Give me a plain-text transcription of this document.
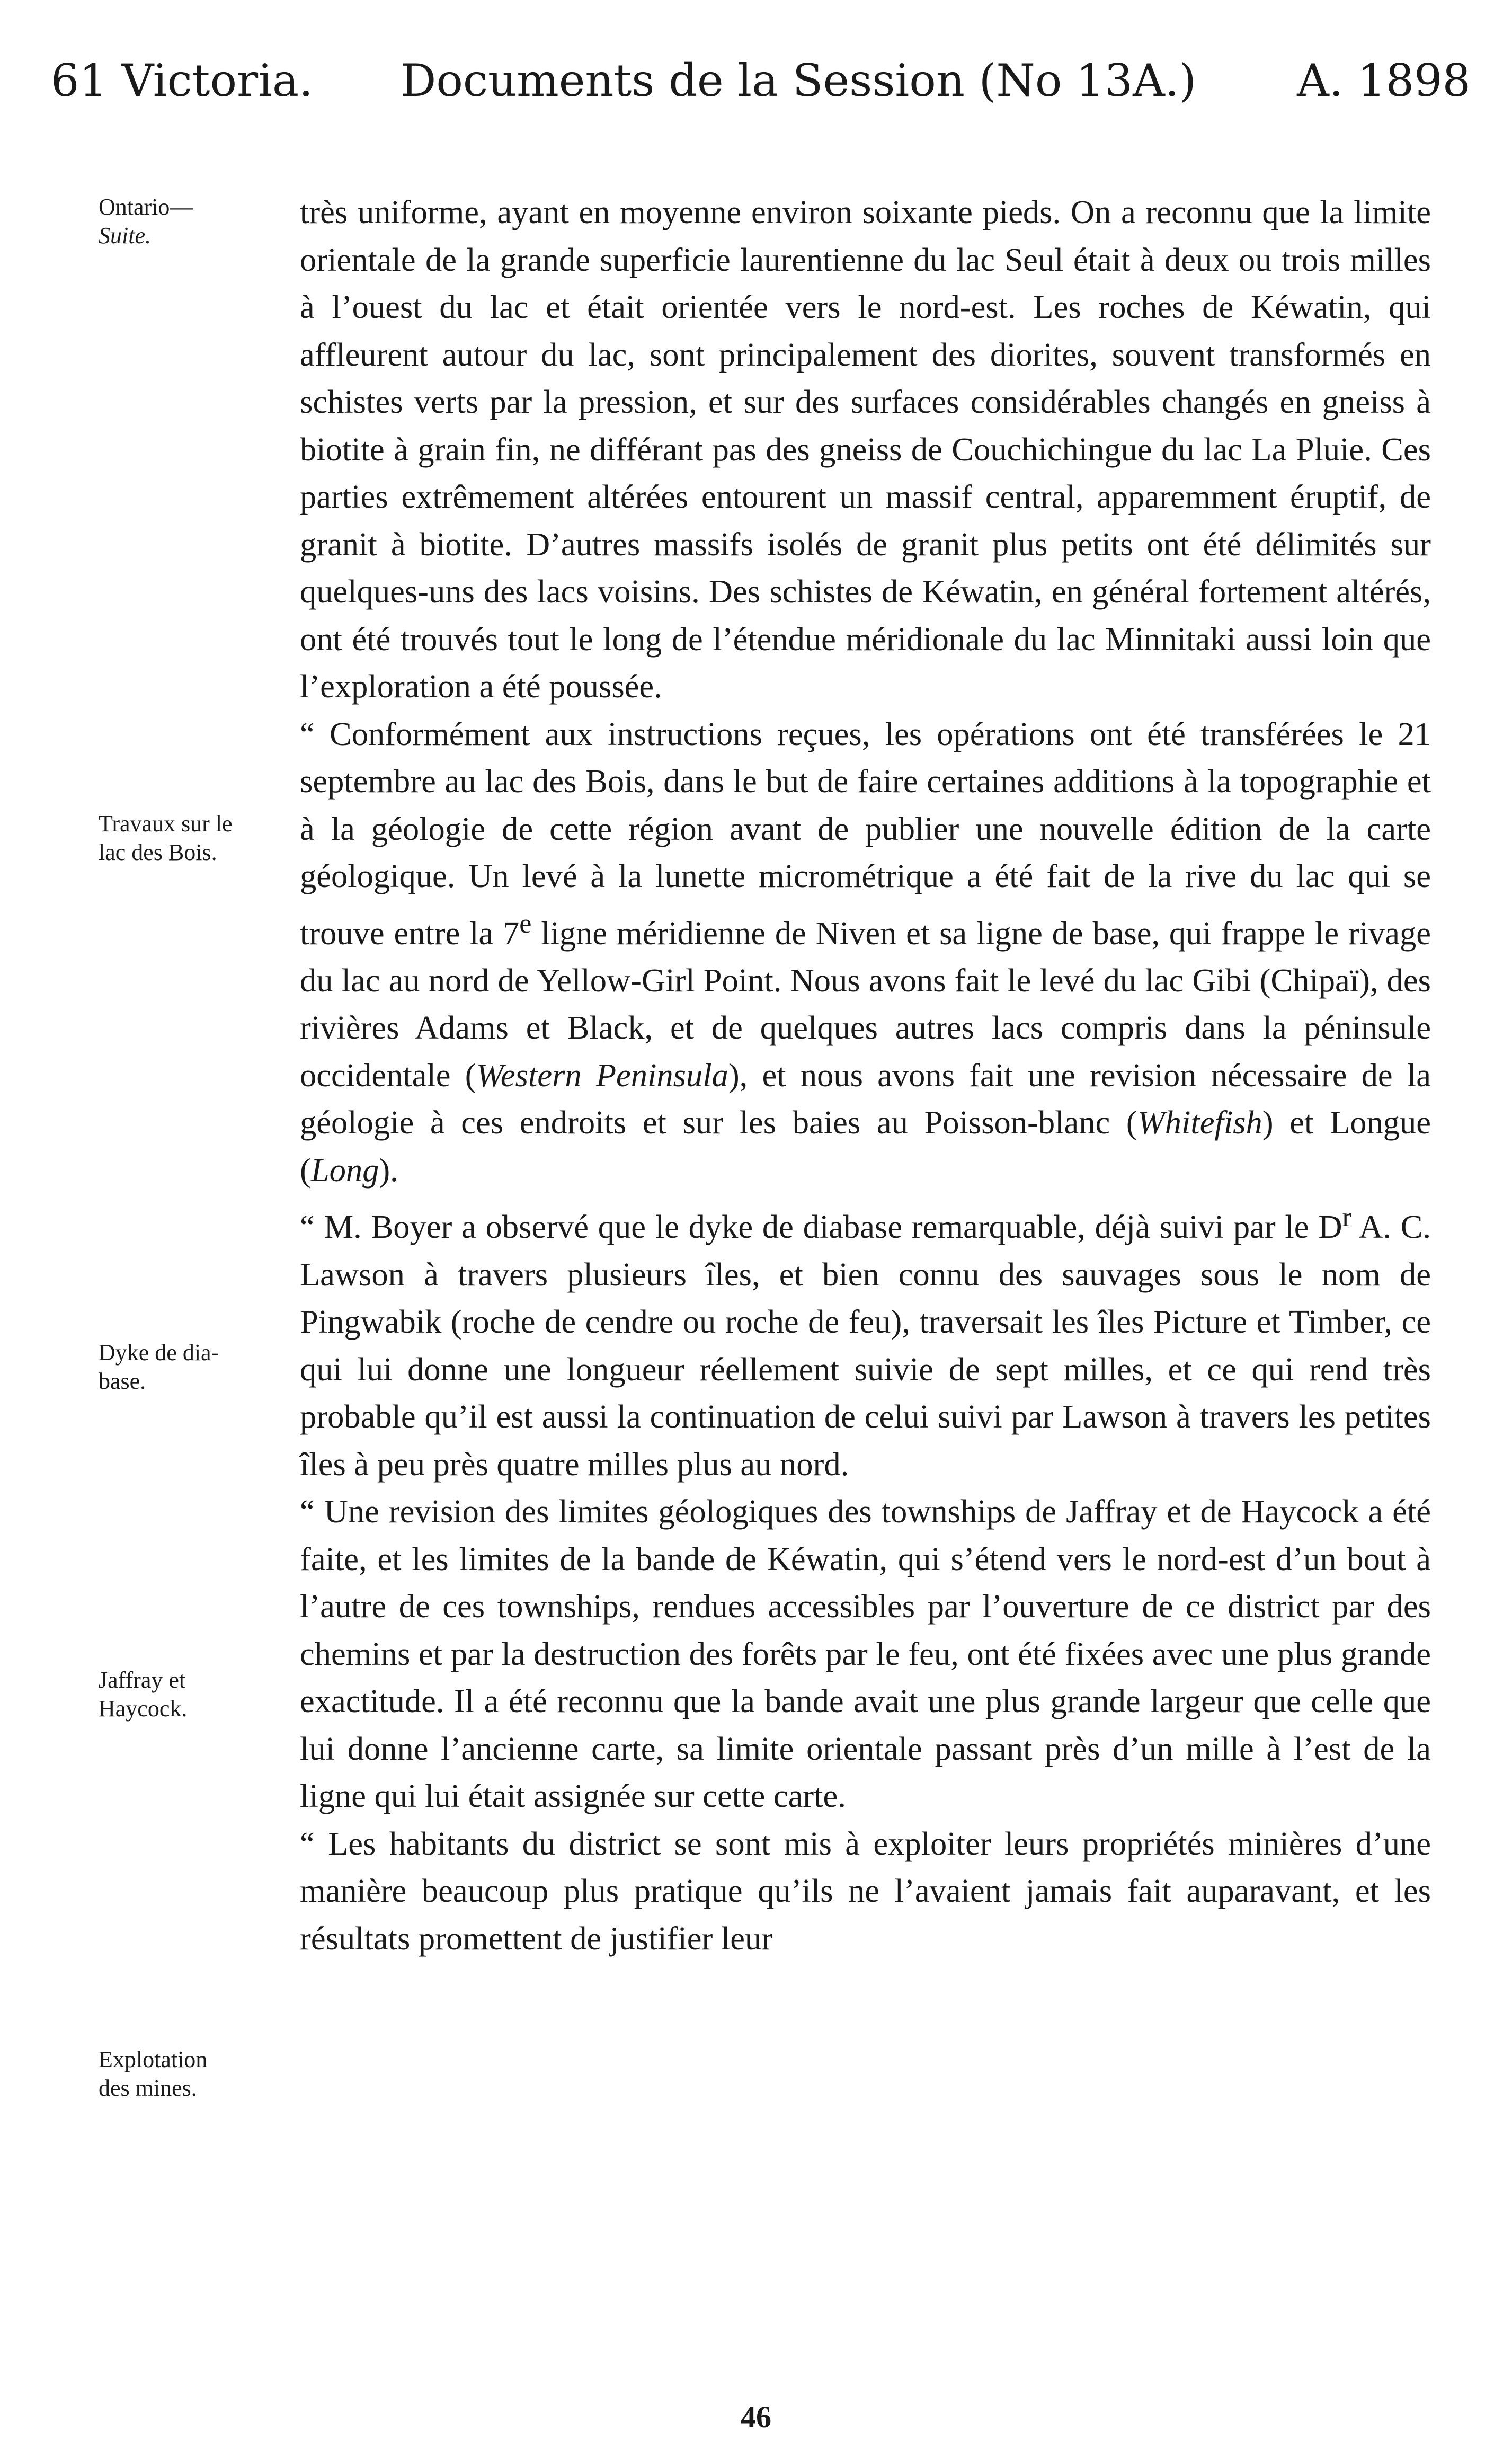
61 Victoria. Documents de la Session (No 13A.) A. 1898
Ontario—
Suite.
Travaux sur le
lac des Bois.
Dyke de dia-
base.
Jaffray et
Haycock.
Explotation
des mines.

très uniforme, ayant en moyenne environ soixante pieds. On a reconnu que la limite orientale de la grande superficie laurentienne du lac Seul était à deux ou trois milles à l’ouest du lac et était orientée vers le nord-est. Les roches de Kéwatin, qui affleurent autour du lac, sont principalement des diorites, souvent transformés en schistes verts par la pression, et sur des surfaces considérables changés en gneiss à biotite à grain fin, ne différant pas des gneiss de Couchichingue du lac La Pluie. Ces parties extrêmement altérées entourent un massif central, apparemment éruptif, de granit à biotite. D’autres massifs isolés de granit plus petits ont été délimités sur quelques-uns des lacs voisins. Des schistes de Kéwatin, en général fortement altérés, ont été trouvés tout le long de l’étendue méridionale du lac Minnitaki aussi loin que l’exploration a été poussée.

“ Conformément aux instructions reçues, les opérations ont été transférées le 21 septembre au lac des Bois, dans le but de faire certaines additions à la topographie et à la géologie de cette région avant de publier une nouvelle édition de la carte géologique. Un levé à la lunette micrométrique a été fait de la rive du lac qui se trouve entre la 7e ligne méridienne de Niven et sa ligne de base, qui frappe le rivage du lac au nord de Yellow-Girl Point. Nous avons fait le levé du lac Gibi (Chipaï), des rivières Adams et Black, et de quelques autres lacs compris dans la péninsule occidentale (Western Peninsula), et nous avons fait une revision nécessaire de la géologie à ces endroits et sur les baies au Poisson-blanc (Whitefish) et Longue (Long).

“ M. Boyer a observé que le dyke de diabase remarquable, déjà suivi par le $D^r$ A. C. Lawson à travers plusieurs îles, et bien connu des sauvages sous le nom de Pingwabik (roche de cendre ou roche de feu), traversait les îles Picture et Timber, ce qui lui donne une longueur réellement suivie de sept milles, et ce qui rend très probable qu’il est aussi la continuation de celui suivi par Lawson à travers les petites îles à peu près quatre milles plus au nord.

“ Une revision des limites géologiques des townships de Jaffray et de Haycock a été faite, et les limites de la bande de Kéwatin, qui s’étend vers le nord-est d’un bout à l’autre de ces townships, rendues accessibles par l’ouverture de ce district par des chemins et par la destruction des forêts par le feu, ont été fixées avec une plus grande exactitude. Il a été reconnu que la bande avait une plus grande largeur que celle que lui donne l’ancienne carte, sa limite orientale passant près d’un mille à l’est de la ligne qui lui était assignée sur cette carte.

“ Les habitants du district se sont mis à exploiter leurs propriétés minières d’une manière beaucoup plus pratique qu’ils ne l’avaient jamais fait auparavant, et les résultats promettent de justifier leur

46
